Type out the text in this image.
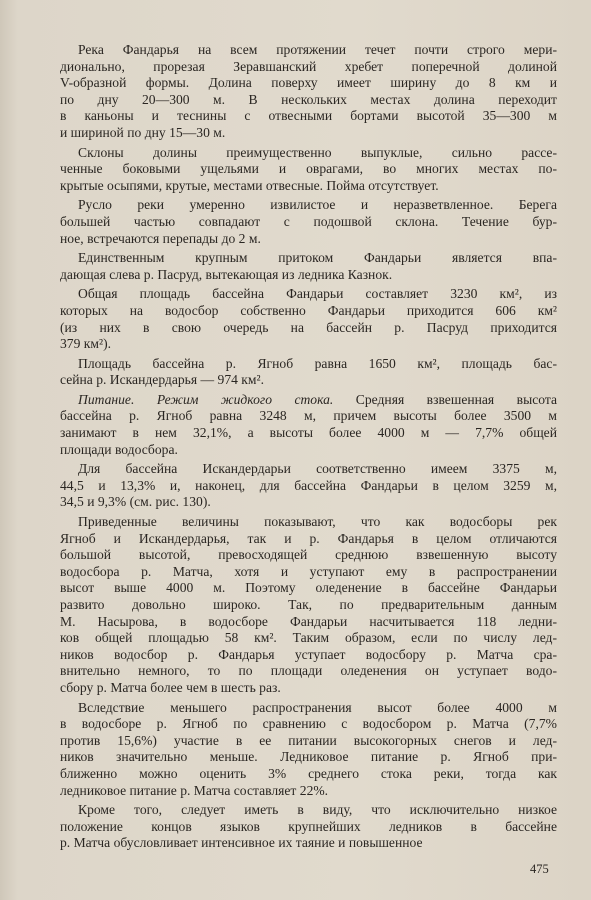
Река Фандарья на всем протяжении течет почти строго мери-
дионально, прорезая Зеравшанский хребет поперечной долиной
V-образной формы. Долина поверху имеет ширину до 8 км и
по дну 20—300 м. В нескольких местах долина переходит
в каньоны и теснины с отвесными бортами высотой 35—300 м
и шириной по дну 15—30 м.
Склоны долины преимущественно выпуклые, сильно рассе-
ченные боковыми ущельями и оврагами, во многих местах по-
крытые осыпями, крутые, местами отвесные. Пойма отсутствует.
Русло реки умеренно извилистое и неразветвленное. Берега
большей частью совпадают с подошвой склона. Течение бур-
ное, встречаются перепады до 2 м.
Единственным крупным притоком Фандарьи является впа-
дающая слева р. Пасруд, вытекающая из ледника Казнок.
Общая площадь бассейна Фандарьи составляет 3230 км², из
которых на водосбор собственно Фандарьи приходится 606 км²
(из них в свою очередь на бассейн р. Пасруд приходится
379 км²).
Площадь бассейна р. Ягноб равна 1650 км², площадь бас-
сейна р. Искандердарья — 974 км².
Питание. Режим жидкого стока. Средняя взвешенная высота
бассейна р. Ягноб равна 3248 м, причем высоты более 3500 м
занимают в нем 32,1%, а высоты более 4000 м — 7,7% общей
площади водосбора.
Для бассейна Искандердарьи соответственно имеем 3375 м,
44,5 и 13,3% и, наконец, для бассейна Фандарьи в целом 3259 м,
34,5 и 9,3% (см. рис. 130).
Приведенные величины показывают, что как водосборы рек
Ягноб и Искандердарья, так и р. Фандарья в целом отличаются
большой высотой, превосходящей среднюю взвешенную высоту
водосбора р. Матча, хотя и уступают ему в распространении
высот выше 4000 м. Поэтому оледенение в бассейне Фандарьи
развито довольно широко. Так, по предварительным данным
М. Насырова, в водосборе Фандарьи насчитывается 118 ледни-
ков общей площадью 58 км². Таким образом, если по числу лед-
ников водосбор р. Фандарья уступает водосбору р. Матча сра-
внительно немного, то по площади оледенения он уступает водо-
сбору р. Матча более чем в шесть раз.
Вследствие меньшего распространения высот более 4000 м
в водосборе р. Ягноб по сравнению с водосбором р. Матча (7,7%
против 15,6%) участие в ее питании высокогорных снегов и лед-
ников значительно меньше. Ледниковое питание р. Ягноб при-
ближенно можно оценить 3% среднего стока реки, тогда как
ледниковое питание р. Матча составляет 22%.
Кроме того, следует иметь в виду, что исключительно низкое
положение концов языков крупнейших ледников в бассейне
р. Матча обусловливает интенсивное их таяние и повышенное
475
